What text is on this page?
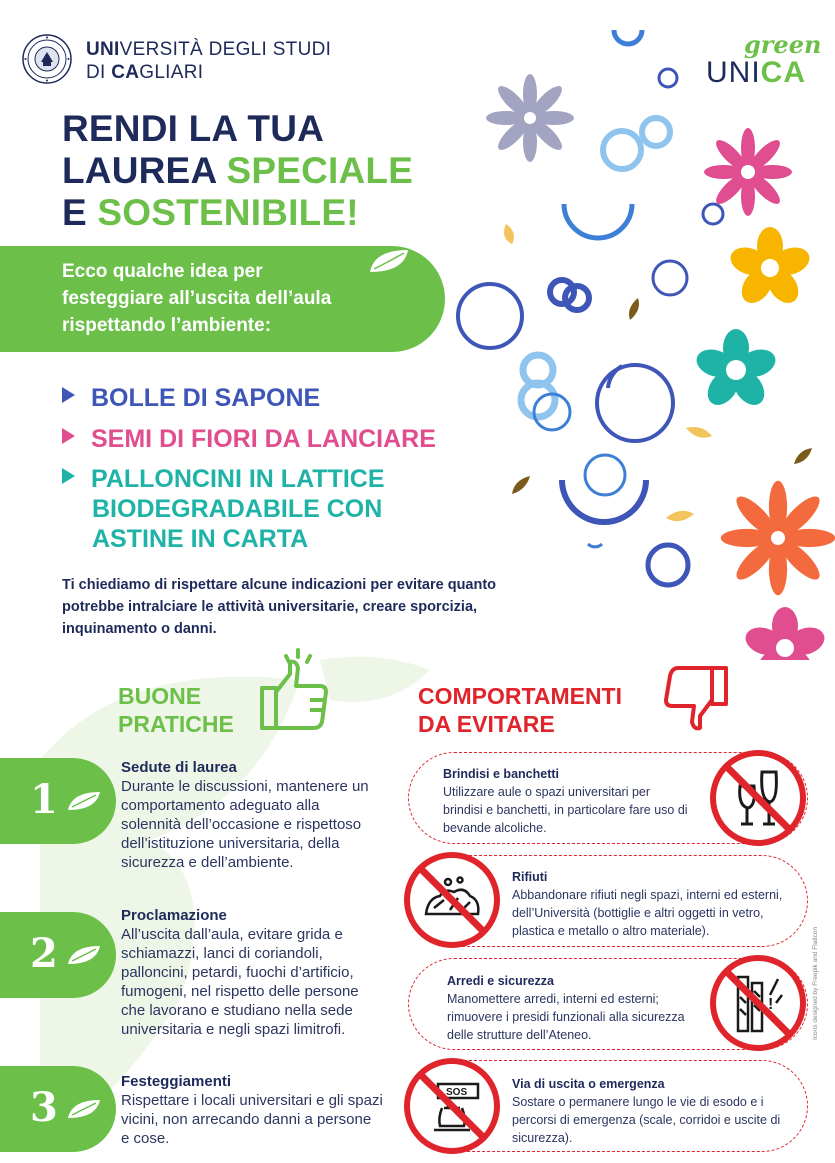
UNIVERSITÀ DEGLI STUDI
DI CAGLIARI
green
UNICA
RENDI LA TUA
LAUREA SPECIALE
E SOSTENIBILE!
Ecco qualche idea per festeggiare all’uscita dell’aula rispettando l’ambiente:
BOLLE DI SAPONE
SEMI DI FIORI DA LANCIARE
PALLONCINI IN LATTICE
BIODEGRADABILE CON
ASTINE IN CARTA
Ti chiediamo di rispettare alcune indicazioni per evitare quanto potrebbe intralciare le attività universitarie, creare sporcizia, inquinamento o danni.
BUONE
PRATICHE
COMPORTAMENTI
DA EVITARE
1
2
3
Sedute di laurea
Durante le discussioni, mantenere un comportamento adeguato alla solennità dell’occasione e rispettoso dell’istituzione universitaria, della sicurezza e dell’ambiente.
Proclamazione
All’uscita dall’aula, evitare grida e schiamazzi, lanci di coriandoli, palloncini, petardi, fuochi d’artificio, fumogeni, nel rispetto delle persone che lavorano e studiano nella sede universitaria e negli spazi limitrofi.
Festeggiamenti
Rispettare i locali universitari e gli spazi vicini, non arrecando danni a persone e cose.
Brindisi e banchetti
Utilizzare aule o spazi universitari per brindisi e banchetti, in particolare fare uso di bevande alcoliche.
Rifiuti
Abbandonare rifiuti negli spazi, interni ed esterni, dell’Università (bottiglie e altri oggetti in vetro, plastica e metallo o altro materiale).
Arredi e sicurezza
Manomettere arredi, interni ed esterni; rimuovere i presidi funzionali alla sicurezza delle strutture dell’Ateneo.
Via di uscita o emergenza
Sostare o permanere lungo le vie di esodo e i percorsi di emergenza (scale, corridoi e uscite di sicurezza).
!
SOS
Icons designed by Freepik and Flaticon
